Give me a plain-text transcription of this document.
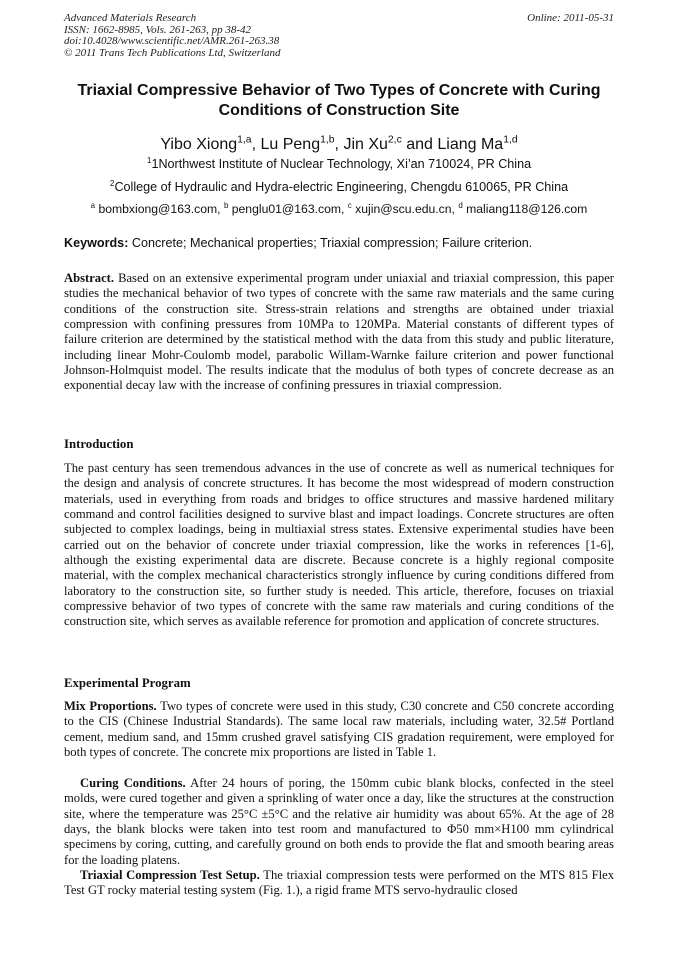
Advanced Materials Research
ISSN: 1662-8985, Vols. 261-263, pp 38-42
doi:10.4028/www.scientific.net/AMR.261-263.38
© 2011 Trans Tech Publications Ltd, Switzerland
Online: 2011-05-31
Triaxial Compressive Behavior of Two Types of Concrete with Curing Conditions of Construction Site
Yibo Xiong$^{1,a}$, Lu Peng$^{1,b}$, Jin Xu$^{2,c}$ and Liang Ma$^{1,d}$
$^1$1Northwest Institute of Nuclear Technology, Xi’an 710024, PR China
$^2$College of Hydraulic and Hydra-electric Engineering, Chengdu 610065, PR China
$^a$ bombxiong@163.com, $^b$ penglu01@163.com, $^c$ xujin@scu.edu.cn, $^d$ maliang118@126.com
Keywords: Concrete; Mechanical properties; Triaxial compression; Failure criterion.
Abstract. Based on an extensive experimental program under uniaxial and triaxial compression, this paper studies the mechanical behavior of two types of concrete with the same raw materials and the same curing conditions of the construction site. Stress-strain relations and strengths are obtained under triaxial compression with confining pressures from 10MPa to 120MPa. Material constants of different types of failure criterion are determined by the statistical method with the data from this study and public literature, including linear Mohr-Coulomb model, parabolic Willam-Warnke failure criterion and power functional Johnson-Holmquist model. The results indicate that the modulus of both types of concrete decrease as an exponential decay law with the increase of confining pressures in triaxial compression.
Introduction
The past century has seen tremendous advances in the use of concrete as well as numerical techniques for the design and analysis of concrete structures. It has become the most widespread of modern construction materials, used in everything from roads and bridges to office structures and massive hardened military command and control facilities designed to survive blast and impact loadings. Concrete structures are often subjected to complex loadings, being in multiaxial stress states. Extensive experimental studies have been carried out on the behavior of concrete under triaxial compression, like the works in references [1-6], although the existing experimental data are discrete. Because concrete is a highly regional composite material, with the complex mechanical characteristics strongly influence by curing conditions differed from laboratory to the construction site, so further study is needed. This article, therefore, focuses on triaxial compressive behavior of two types of concrete with the same raw materials and curing conditions of the construction site, which serves as available reference for promotion and application of concrete structures.
Experimental Program
Mix Proportions. Two types of concrete were used in this study, C30 concrete and C50 concrete according to the CIS (Chinese Industrial Standards). The same local raw materials, including water, 32.5# Portland cement, medium sand, and 15mm crushed gravel satisfying CIS gradation requirement, were employed for both types of concrete. The concrete mix proportions are listed in Table 1.
Curing Conditions. After 24 hours of poring, the 150mm cubic blank blocks, confected in the steel molds, were cured together and given a sprinkling of water once a day, like the structures at the construction site, where the temperature was 25°C ±5°C and the relative air humidity was about 65%. At the age of 28 days, the blank blocks were taken into test room and manufactured to Φ50 mm×H100 mm cylindrical specimens by coring, cutting, and carefully ground on both ends to provide the flat and smooth bearing areas for the loading platens.
Triaxial Compression Test Setup. The triaxial compression tests were performed on the MTS 815 Flex Test GT rocky material testing system (Fig. 1.), a rigid frame MTS servo-hydraulic closed
